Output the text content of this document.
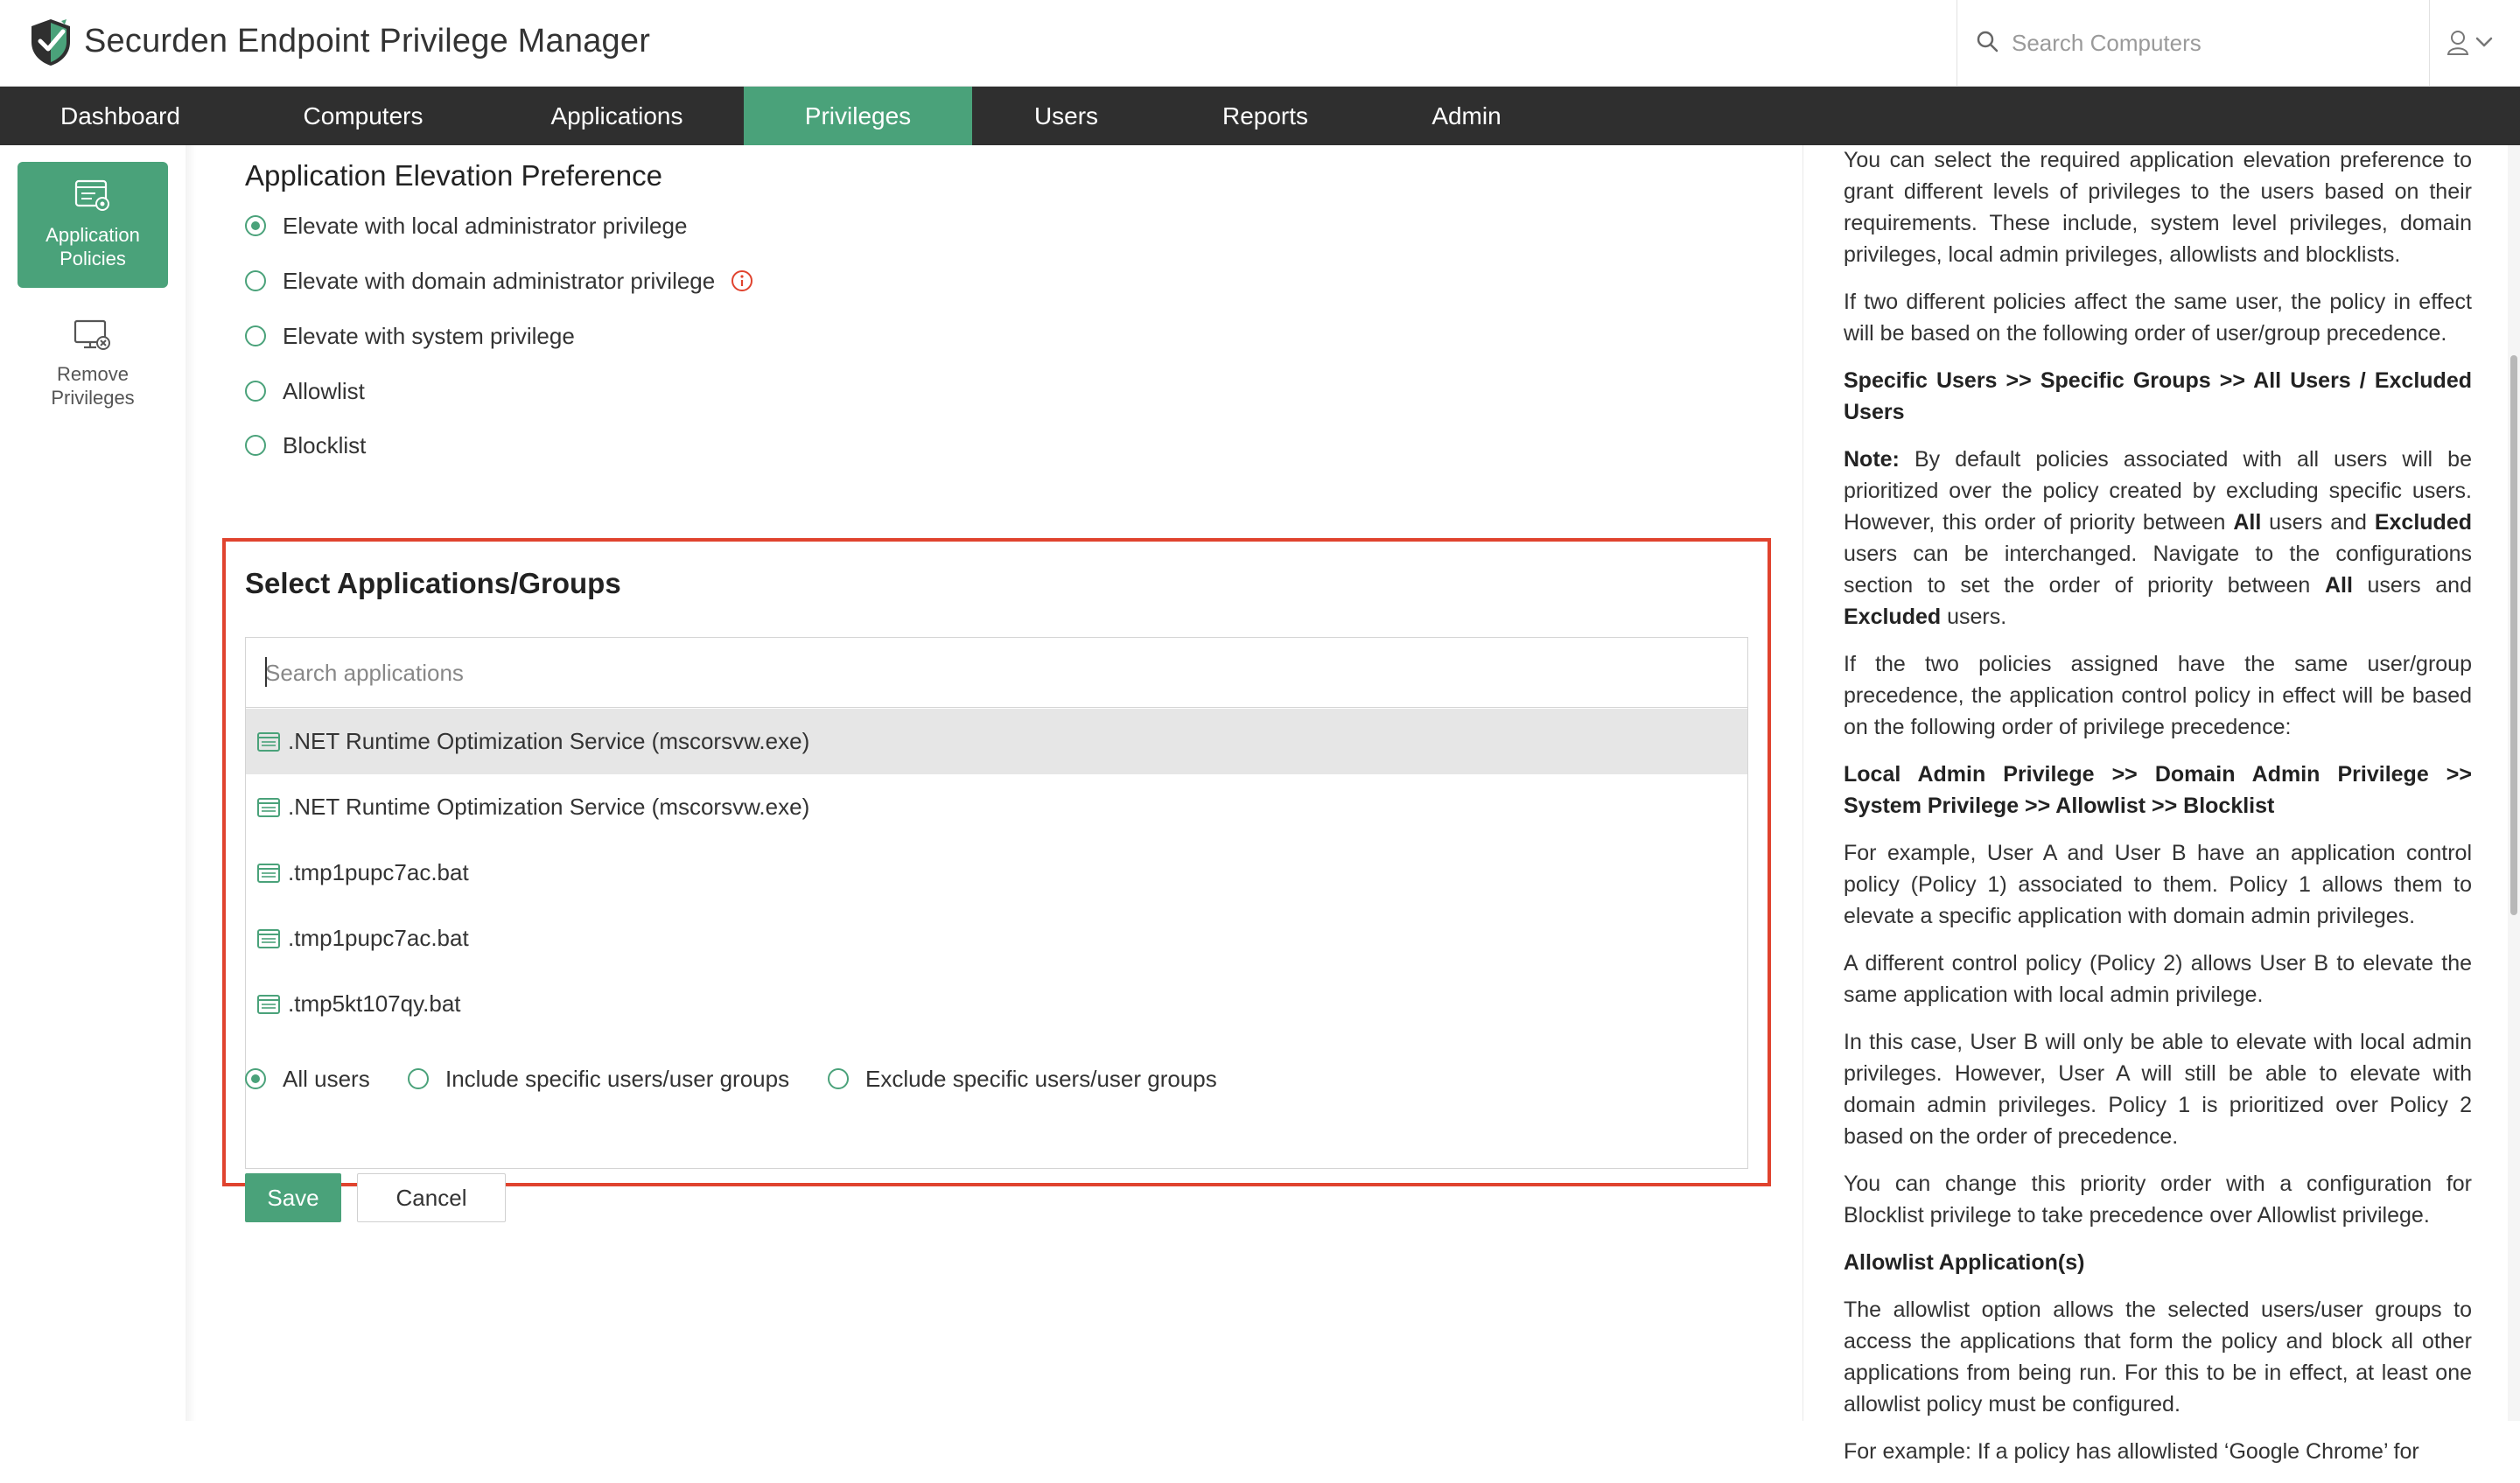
Securden Endpoint Privilege Manager
Search Computers
Dashboard	Computers	Applications	Privileges	Users	Reports	Admin
Application Policies
Remove Privileges
Application Elevation Preference
Elevate with local administrator privilege
Elevate with domain administrator privilege
Elevate with system privilege
Allowlist
Blocklist
Select Applications/Groups
Search applications
.NET Runtime Optimization Service (mscorsvw.exe)
.NET Runtime Optimization Service (mscorsvw.exe)
.tmp1pupc7ac.bat
.tmp1pupc7ac.bat
.tmp5kt107qy.bat
All users	Include specific users/user groups	Exclude specific users/user groups
Save	Cancel

You can select the required application elevation preference to grant different levels of privileges to the users based on their requirements. These include, system level privileges, domain privileges, local admin privileges, allowlists and blocklists.

If two different policies affect the same user, the policy in effect will be based on the following order of user/group precedence.

Specific Users >> Specific Groups >> All Users / Excluded Users

Note: By default policies associated with all users will be prioritized over the policy created by excluding specific users. However, this order of priority between All users and Excluded users can be interchanged. Navigate to the configurations section to set the order of priority between All users and Excluded users.

If the two policies assigned have the same user/group precedence, the application control policy in effect will be based on the following order of privilege precedence:

Local Admin Privilege >> Domain Admin Privilege >> System Privilege >> Allowlist >> Blocklist

For example, User A and User B have an application control policy (Policy 1) associated to them. Policy 1 allows them to elevate a specific application with domain admin privileges.

A different control policy (Policy 2) allows User B to elevate the same application with local admin privilege.

In this case, User B will only be able to elevate with local admin privileges. However, User A will still be able to elevate with domain admin privileges. Policy 1 is prioritized over Policy 2 based on the order of precedence.

You can change this priority order with a configuration for Blocklist privilege to take precedence over Allowlist privilege.

Allowlist Application(s)

The allowlist option allows the selected users/user groups to access the applications that form the policy and block all other applications from being run. For this to be in effect, at least one allowlist policy must be configured.

For example: If a policy has allowlisted ‘Google Chrome’ for
